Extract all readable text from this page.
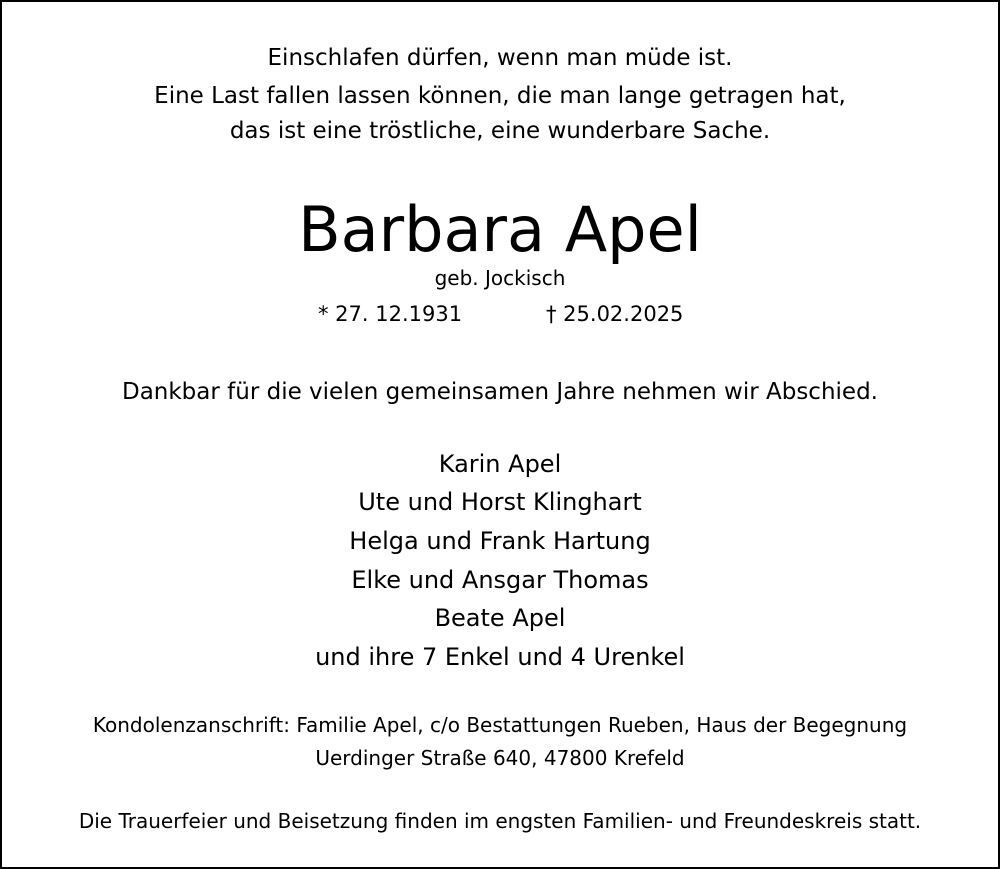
Einschlafen dürfen, wenn man müde ist.
Eine Last fallen lassen können, die man lange getragen hat,
das ist eine tröstliche, eine wunderbare Sache.
Barbara Apel
geb. Jockisch
* 27. 12.1931	† 25.02.2025
Dankbar für die vielen gemeinsamen Jahre nehmen wir Abschied.
Karin Apel
Ute und Horst Klinghart
Helga und Frank Hartung
Elke und Ansgar Thomas
Beate Apel
und ihre 7 Enkel und 4 Urenkel
Kondolenzanschrift: Familie Apel, c/o Bestattungen Rueben, Haus der Begegnung
Uerdinger Straße 640, 47800 Krefeld
Die Trauerfeier und Beisetzung finden im engsten Familien- und Freundeskreis statt.
